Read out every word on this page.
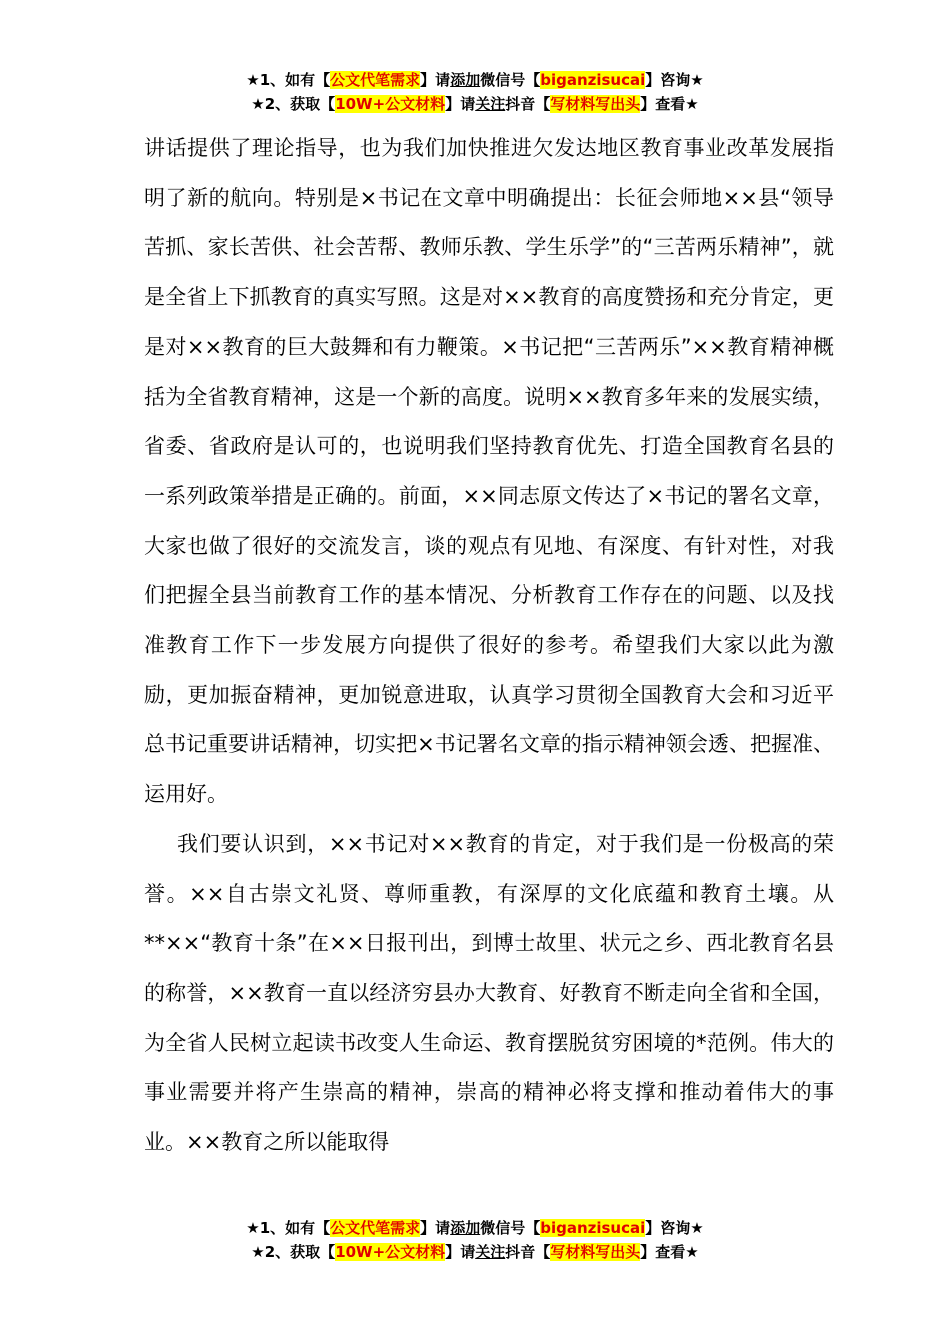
★1、如有【公文代笔需求】请添加微信号【biganzisucai】咨询★
★2、获取【10W+公文材料】请关注抖音【写材料写出头】查看★

讲话提供了理论指导，也为我们加快推进欠发达地区教育事业改革发展指明了新的航向。特别是×书记在文章中明确提出：长征会师地××县“领导苦抓、家长苦供、社会苦帮、教师乐教、学生乐学”的“三苦两乐精神”，就是全省上下抓教育的真实写照。这是对××教育的高度赞扬和充分肯定，更是对××教育的巨大鼓舞和有力鞭策。×书记把“三苦两乐”××教育精神概括为全省教育精神，这是一个新的高度。说明××教育多年来的发展实绩，省委、省政府是认可的，也说明我们坚持教育优先、打造全国教育名县的一系列政策举措是正确的。前面，××同志原文传达了×书记的署名文章，大家也做了很好的交流发言，谈的观点有见地、有深度、有针对性，对我们把握全县当前教育工作的基本情况、分析教育工作存在的问题、以及找准教育工作下一步发展方向提供了很好的参考。希望我们大家以此为激励，更加振奋精神，更加锐意进取，认真学习贯彻全国教育大会和习近平总书记重要讲话精神，切实把×书记署名文章的指示精神领会透、把握准、运用好。

我们要认识到，××书记对××教育的肯定，对于我们是一份极高的荣誉。××自古崇文礼贤、尊师重教，有深厚的文化底蕴和教育土壤。从**××“教育十条”在××日报刊出，到博士故里、状元之乡、西北教育名县的称誉，××教育一直以经济穷县办大教育、好教育不断走向全省和全国，为全省人民树立起读书改变人生命运、教育摆脱贫穷困境的*范例。伟大的事业需要并将产生崇高的精神，崇高的精神必将支撑和推动着伟大的事业。××教育之所以能取得

★1、如有【公文代笔需求】请添加微信号【biganzisucai】咨询★
★2、获取【10W+公文材料】请关注抖音【写材料写出头】查看★
